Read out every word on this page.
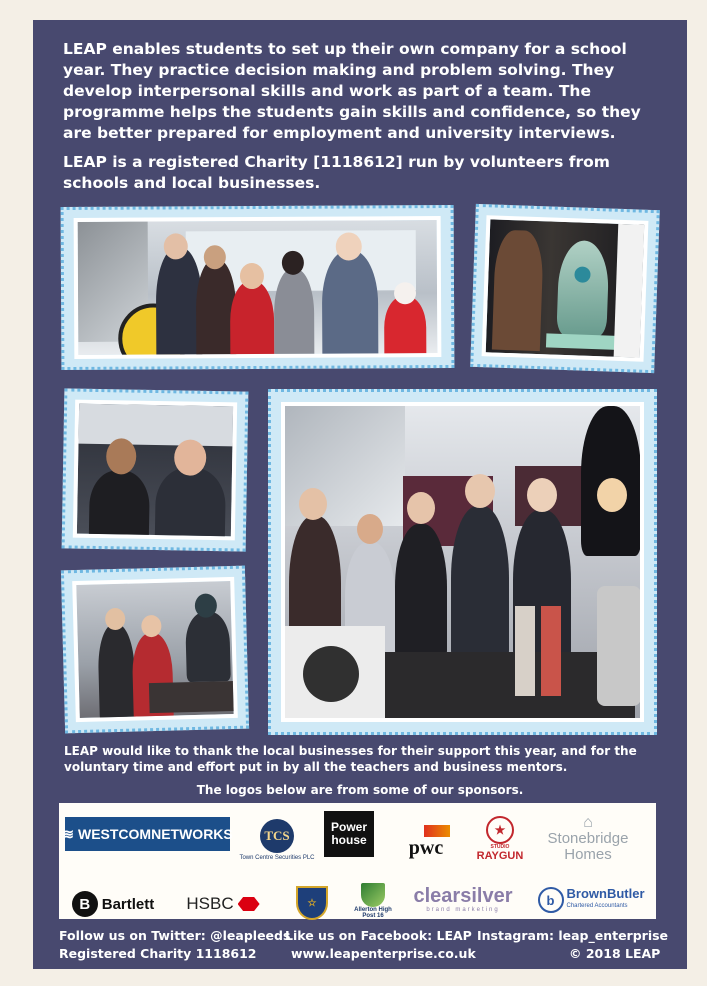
LEAP enables students to set up their own company for a school year. They practice decision making and problem solving. They develop interpersonal skills and work as part of a team. The programme helps the students gain skills and confidence, so they are better prepared for employment and university interviews.

LEAP is a registered Charity [1118612] run by volunteers from schools and local businesses.

LEAP would like to thank the local businesses for their support this year, and for the voluntary time and effort put in by all the teachers and business mentors.

The logos below are from some of our sponsors.
≋ WESTCOMNETWORKS	TCS
Town Centre Securities PLC
Power
house pwc
★
STUDIO
RAYGUN
⌂
Stonebridge
Homes
B Bartlett HSBC	☆
Allerton High
Post 16
clearsilver
brand marketing
b BrownButler
Chartered Accountants
Follow us on Twitter: @leapleeds
Like us on Facebook: LEAP Instagram: leap_enterprise
Registered Charity 1118612	www.leapenterprise.co.uk	© 2018 LEAP
